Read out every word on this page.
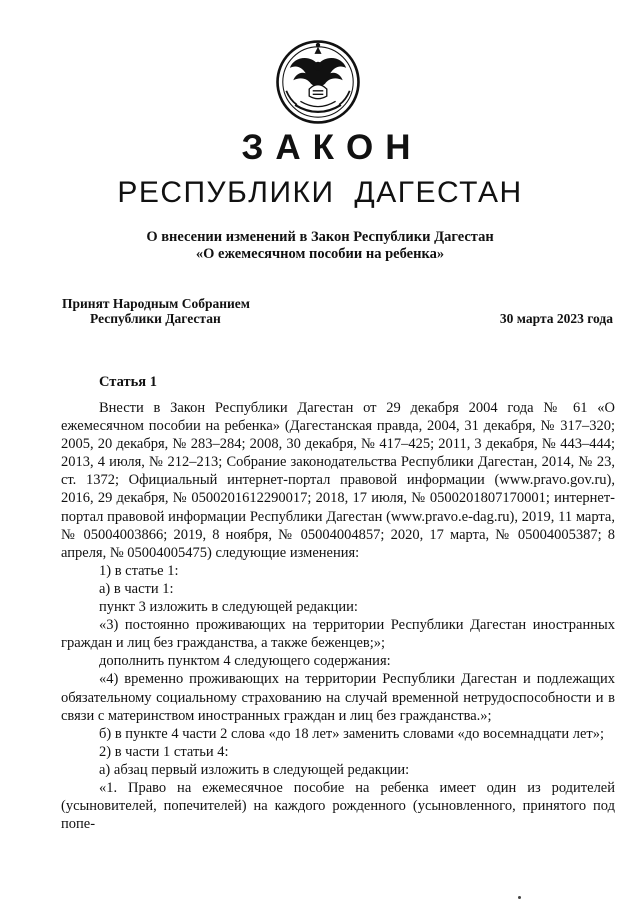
ЗАКОН
РЕСПУБЛИКИ ДАГЕСТАН
О внесении изменений в Закон Республики Дагестан
«О ежемесячном пособии на ребенка»
Принят Народным Собранием
Республики Дагестан	30 марта 2023 года
Статья 1

Внести в Закон Республики Дагестан от 29 декабря 2004 года № 61 «О ежемесячном пособии на ребенка» (Дагестанская правда, 2004, 31 декабря, № 317–320; 2005, 20 декабря, № 283–284; 2008, 30 декабря, № 417–425; 2011, 3 декабря, № 443–444; 2013, 4 июля, № 212–213; Собрание законодательства Республики Дагестан, 2014, № 23, ст. 1372; Официальный интернет-портал правовой информации (www.pravo.gov.ru), 2016, 29 декабря, № 0500201612290017; 2018, 17 июля, № 0500201807170001; интернет-портал правовой информации Республики Дагестан (www.pravo.e-dag.ru), 2019, 11 марта, № 05004003866; 2019, 8 ноября, № 05004004857; 2020, 17 марта, № 05004005387; 8 апреля, № 05004005475) следующие изменения:

1) в статье 1:

а) в части 1:

пункт 3 изложить в следующей редакции:

«3) постоянно проживающих на территории Республики Дагестан иностранных граждан и лиц без гражданства, а также беженцев;»;

дополнить пунктом 4 следующего содержания:

«4) временно проживающих на территории Республики Дагестан и подлежащих обязательному социальному страхованию на случай временной нетрудоспособности и в связи с материнством иностранных граждан и лиц без гражданства.»;

б) в пункте 4 части 2 слова «до 18 лет» заменить словами «до восемнадцати лет»;

2) в части 1 статьи 4:

а) абзац первый изложить в следующей редакции:

«1. Право на ежемесячное пособие на ребенка имеет один из родителей (усыновителей, попечителей) на каждого рожденного (усыновленного, принятого под попе-
